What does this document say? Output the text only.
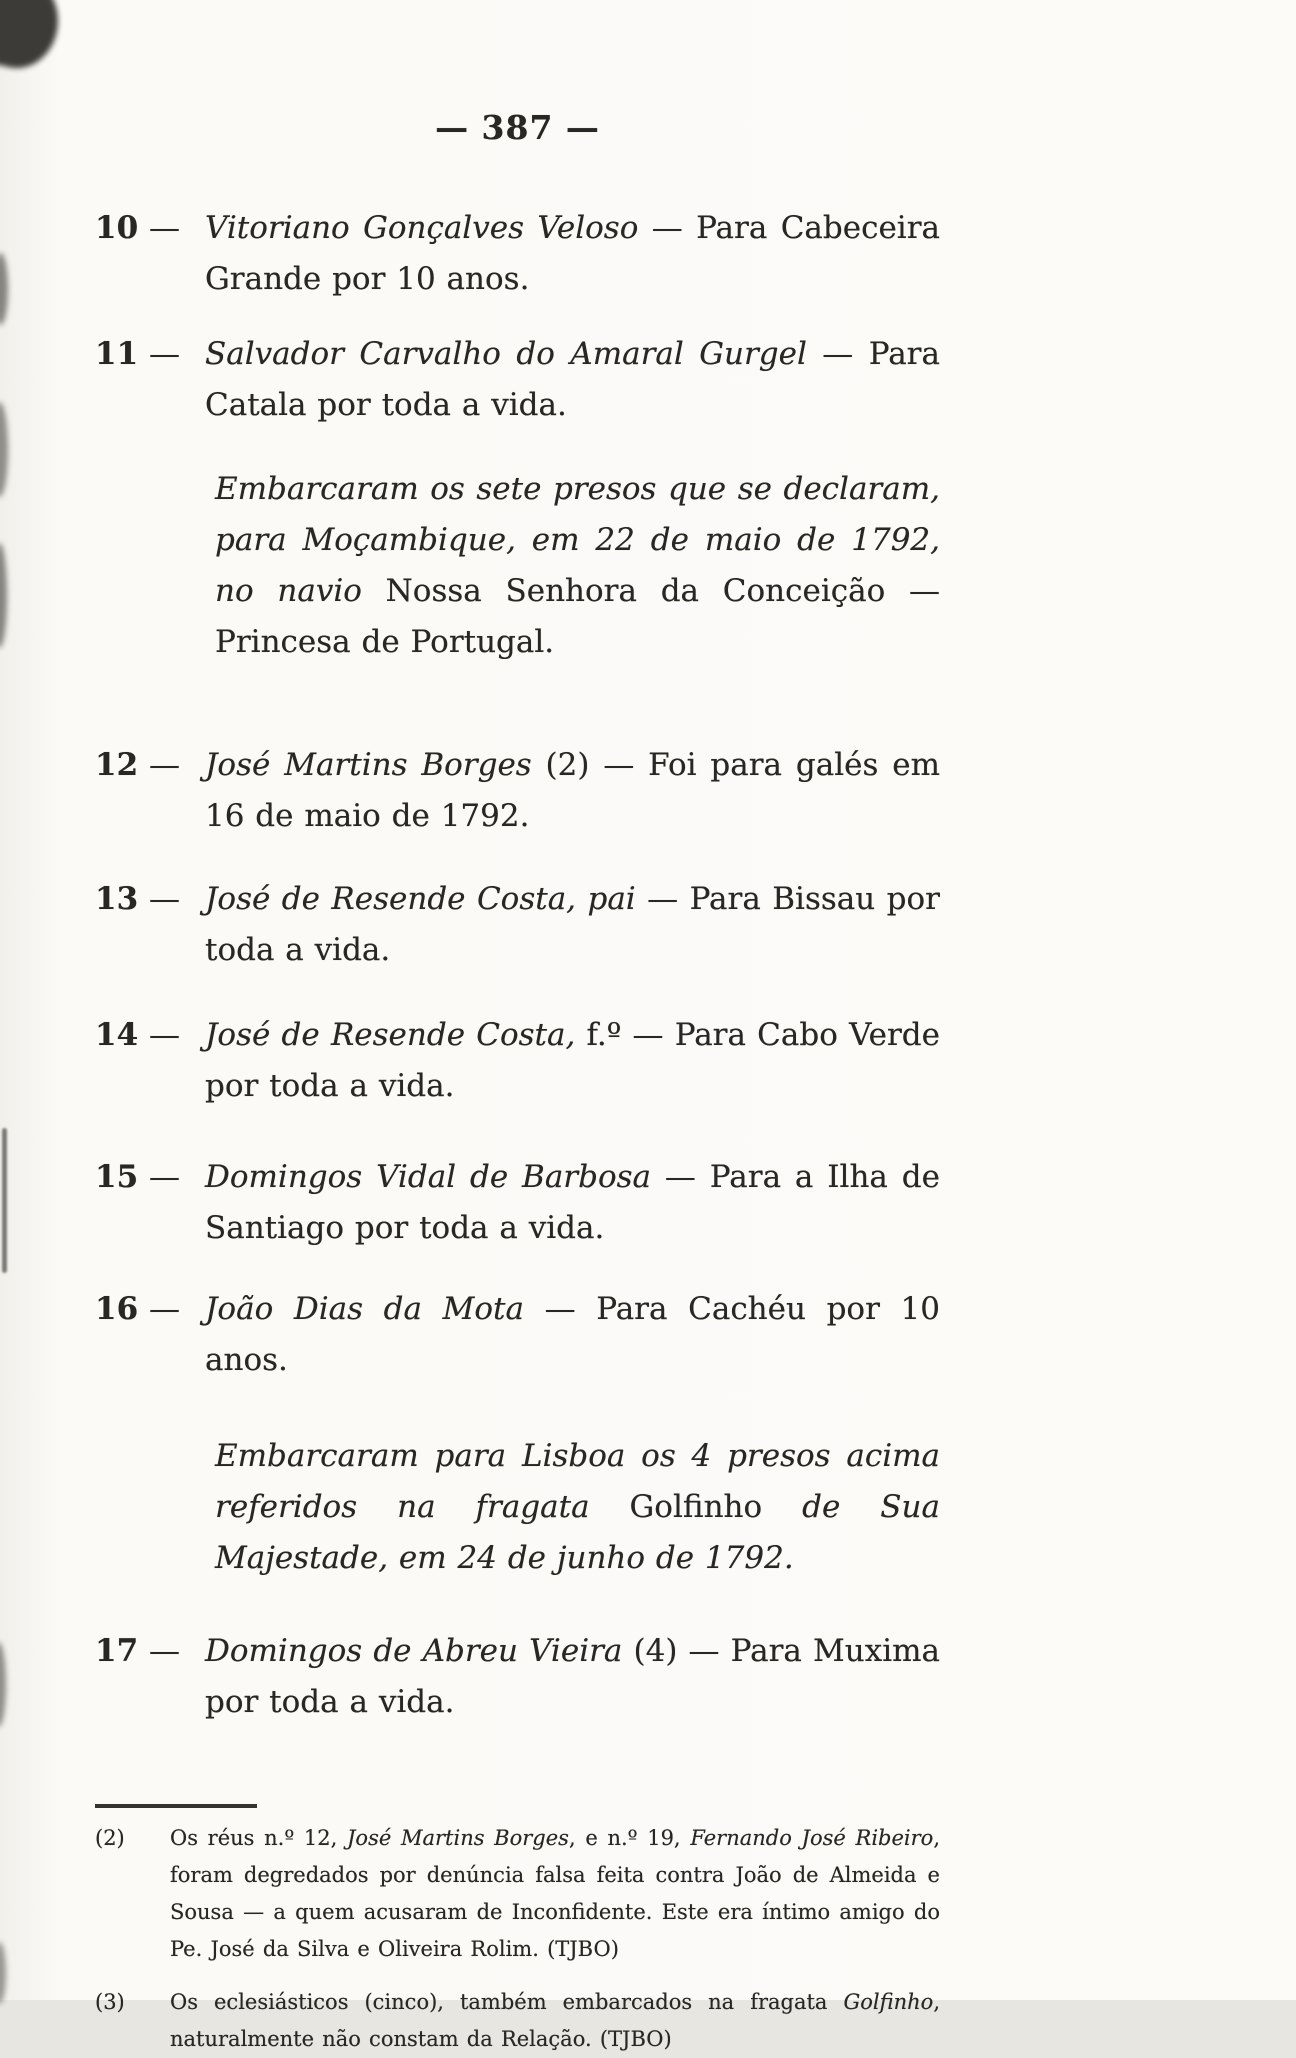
— 387 —
10 — Vitoriano Gonçalves Veloso — Para Cabeceira Grande por 10 anos.
11 — Salvador Carvalho do Amaral Gurgel — Para Catala por toda a vida.
Embarcaram os sete presos que se declaram, para Moçambique, em 22 de maio de 1792, no navio Nossa Senhora da Conceição — Princesa de Portugal.
12 — José Martins Borges (2) — Foi para galés em 16 de maio de 1792.
13 — José de Resende Costa, pai — Para Bissau por toda a vida.
14 — José de Resende Costa, f.º — Para Cabo Verde por toda a vida.
15 — Domingos Vidal de Barbosa — Para a Ilha de Santiago por toda a vida.
16 — João Dias da Mota — Para Cachéu por 10 anos.
Embarcaram para Lisboa os 4 presos acima referidos na fragata Golfinho de Sua Majestade, em 24 de junho de 1792.
17 — Domingos de Abreu Vieira (4) — Para Muxima por toda a vida.
(2)	Os réus n.º 12, José Martins Borges, e n.º 19, Fernando José Ribeiro, foram degredados por denúncia falsa feita contra João de Almeida e Sousa — a quem acusaram de Inconfidente. Este era íntimo amigo do Pe. José da Silva e Oliveira Rolim. (TJBO)
(3)	Os eclesiásticos (cinco), também embarcados na fragata Golfinho, naturalmente não constam da Relação. (TJBO)
